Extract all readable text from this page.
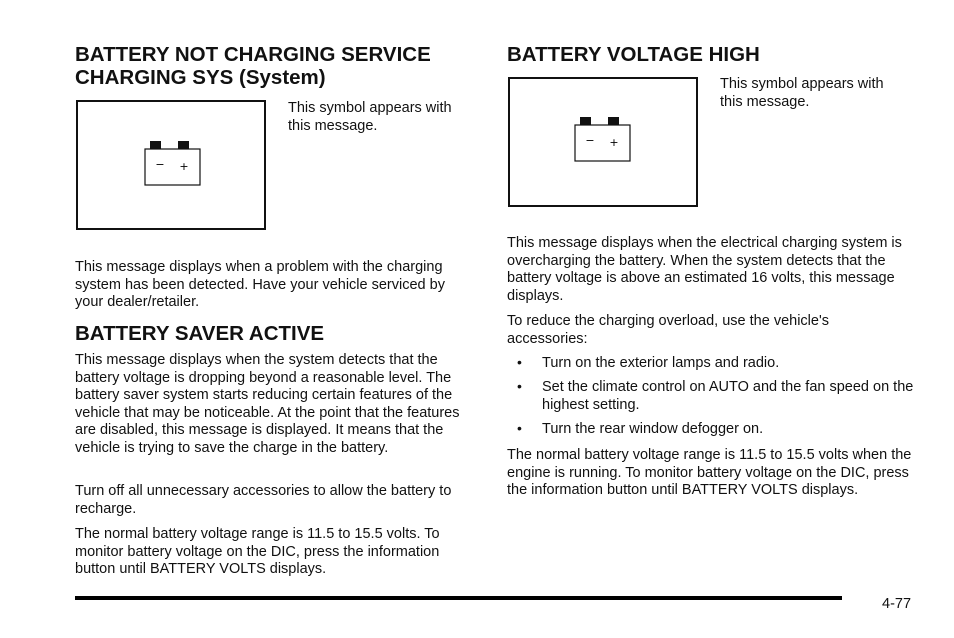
BATTERY NOT CHARGING SERVICE
CHARGING SYS (System)
− +

This symbol appears with
this message.

This message displays when a problem with the charging system has been detected. Have your vehicle serviced by your dealer/retailer.

BATTERY SAVER ACTIVE

This message displays when the system detects that the battery voltage is dropping beyond a reasonable level. The battery saver system starts reducing certain features of the vehicle that may be noticeable. At the point that the features are disabled, this message is displayed. It means that the vehicle is trying to save the charge in the battery.

Turn off all unnecessary accessories to allow the battery to recharge.

The normal battery voltage range is 11.5 to 15.5 volts. To monitor battery voltage on the DIC, press the information button until BATTERY VOLTS displays.

BATTERY VOLTAGE HIGH
− +

This symbol appears with
this message.

This message displays when the electrical charging system is overcharging the battery. When the system detects that the battery voltage is above an estimated 16 volts, this message displays.

To reduce the charging overload, use the vehicle's accessories:

• Turn on the exterior lamps and radio.
• Set the climate control on AUTO and the fan speed on the highest setting.
• Turn the rear window defogger on.

The normal battery voltage range is 11.5 to 15.5 volts when the engine is running. To monitor battery voltage on the DIC, press the information button until BATTERY VOLTS displays.

4-77
